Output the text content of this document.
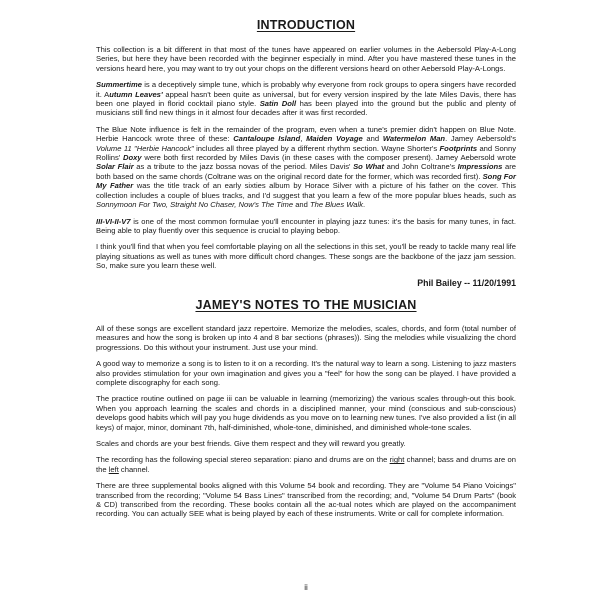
INTRODUCTION

This collection is a bit different in that most of the tunes have appeared on earlier volumes in the Aebersold Play-A-Long Series, but here they have been recorded with the beginner especially in mind. After you have mastered these tunes in the versions heard here, you may want to try out your chops on the different versions heard on other Aebersold Play-A-Longs.

Summertime is a deceptively simple tune, which is probably why everyone from rock groups to opera singers have recorded it. Autumn Leaves' appeal hasn't been quite as universal, but for every version inspired by the late Miles Davis, there has been one played in florid cocktail piano style. Satin Doll has been played into the ground but the public and plenty of musicians still find new things in it almost four decades after it was first recorded.

The Blue Note influence is felt in the remainder of the program, even when a tune's premier didn't happen on Blue Note. Herbie Hancock wrote three of these: Cantaloupe Island, Maiden Voyage and Watermelon Man. Jamey Aebersold's Volume 11 "Herbie Hancock" includes all three played by a different rhythm section. Wayne Shorter's Footprints and Sonny Rollins' Doxy were both first recorded by Miles Davis (in these cases with the composer present). Jamey Aebersold wrote Solar Flair as a tribute to the jazz bossa novas of the period. Miles Davis' So What and John Coltrane's Impressions are both based on the same chords (Coltrane was on the original record date for the former, which was recorded first). Song For My Father was the title track of an early sixties album by Horace Silver with a picture of his father on the cover. This collection includes a couple of blues tracks, and I'd suggest that you learn a few of the more popular blues heads, such as Sonnymoon For Two, Straight No Chaser, Now's The Time and The Blues Walk.

III-VI-II-V7 is one of the most common formulae you'll encounter in playing jazz tunes: it's the basis for many tunes, in fact. Being able to play fluently over this sequence is crucial to playing bebop.

I think you'll find that when you feel comfortable playing on all the selections in this set, you'll be ready to tackle many real life playing situations as well as tunes with more difficult chord changes. These songs are the backbone of the jazz jam session. So, make sure you learn these well.

Phil Bailey -- 11/20/1991
JAMEY'S NOTES TO THE MUSICIAN

All of these songs are excellent standard jazz repertoire. Memorize the melodies, scales, chords, and form (total number of measures and how the song is broken up into 4 and 8 bar sections (phrases)). Sing the melodies while visualizing the chord progressions. Do this without your instrument. Just use your mind.

A good way to memorize a song is to listen to it on a recording. It's the natural way to learn a song. Listening to jazz masters also provides stimulation for your own imagination and gives you a "feel" for how the song can be played. I have provided a complete discography for each song.

The practice routine outlined on page iii can be valuable in learning (memorizing) the various scales through-out this book. When you approach learning the scales and chords in a disciplined manner, your mind (conscious and sub-conscious) develops good habits which will pay you huge dividends as you move on to learning new tunes. I've also provided a list (in all keys) of major, minor, dominant 7th, half-diminished, whole-tone, diminished, and diminished whole-tone scales.

Scales and chords are your best friends. Give them respect and they will reward you greatly.

The recording has the following special stereo separation: piano and drums are on the right channel; bass and drums are on the left channel.

There are three supplemental books aligned with this Volume 54 book and recording. They are "Volume 54 Piano Voicings" transcribed from the recording; "Volume 54 Bass Lines" transcribed from the recording; and, "Volume 54 Drum Parts" (book & CD) transcribed from the recording. These books contain all the ac-tual notes which are played on the accompaniment recording. You can actually SEE what is being played by each of these instruments. Write or call for complete information.

ii
